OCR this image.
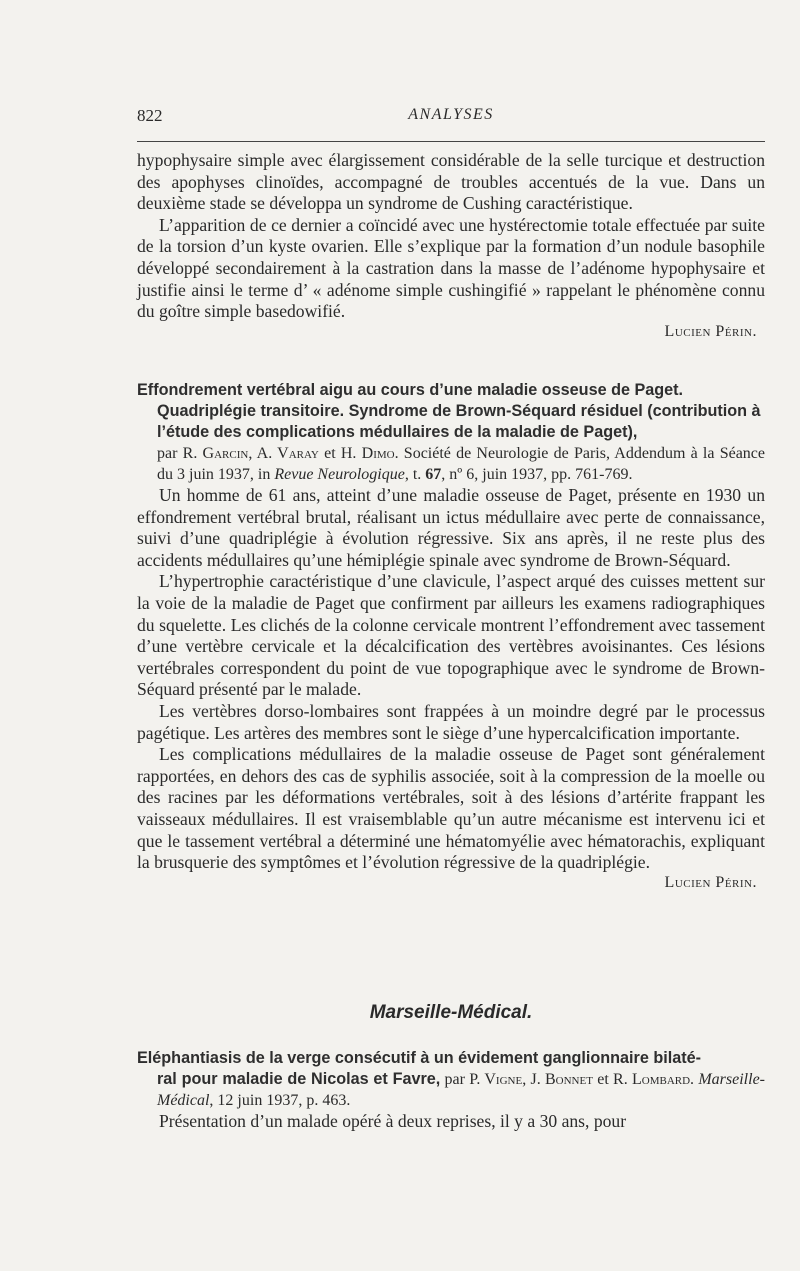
822	ANALYSES

hypophysaire simple avec élargissement considérable de la selle turcique et destruction des apophyses clinoïdes, accompagné de troubles accentués de la vue. Dans un deuxième stade se développa un syndrome de Cushing caractéristique.

L’apparition de ce dernier a coïncidé avec une hystérectomie totale effectuée par suite de la torsion d’un kyste ovarien. Elle s’explique par la formation d’un nodule basophile développé secondairement à la castration dans la masse de l’adénome hypophysaire et justifie ainsi le terme d’ « adénome simple cushingifié » rappelant le phénomène connu du goître simple basedowifié.

Lucien Périn.
Effondrement vertébral aigu au cours d’une maladie osseuse de Paget.
Quadriplégie transitoire. Syndrome de Brown-Séquard résiduel (contribution à l’étude des complications médullaires de la maladie de Paget),

par R. Garcin, A. Varay et H. Dimo. Société de Neurologie de Paris, Addendum à la Séance du 3 juin 1937, in Revue Neurologique, t. 67, nº 6, juin 1937, pp. 761-769.

Un homme de 61 ans, atteint d’une maladie osseuse de Paget, présente en 1930 un effondrement vertébral brutal, réalisant un ictus médullaire avec perte de connaissance, suivi d’une quadriplégie à évolution régressive. Six ans après, il ne reste plus des accidents médullaires qu’une hémiplégie spinale avec syndrome de Brown-Séquard.

L’hypertrophie caractéristique d’une clavicule, l’aspect arqué des cuisses mettent sur la voie de la maladie de Paget que confirment par ailleurs les examens radiographiques du squelette. Les clichés de la colonne cervicale montrent l’effondrement avec tassement d’une vertèbre cervicale et la décalcification des vertèbres avoisinantes. Ces lésions vertébrales correspondent du point de vue topographique avec le syndrome de Brown-Séquard présenté par le malade.

Les vertèbres dorso-lombaires sont frappées à un moindre degré par le processus pagétique. Les artères des membres sont le siège d’une hypercalcification importante.

Les complications médullaires de la maladie osseuse de Paget sont généralement rapportées, en dehors des cas de syphilis associée, soit à la compression de la moelle ou des racines par les déformations vertébrales, soit à des lésions d’artérite frappant les vaisseaux médullaires. Il est vraisemblable qu’un autre mécanisme est intervenu ici et que le tassement vertébral a déterminé une hématomyélie avec hématorachis, expliquant la brusquerie des symptômes et l’évolution régressive de la quadriplégie.

Lucien Périn.
Marseille-Médical.
Eléphantiasis de la verge consécutif à un évidement ganglionnaire bilaté-

ral pour maladie de Nicolas et Favre, par P. Vigne, J. Bonnet et R. Lombard. Marseille-Médical, 12 juin 1937, p. 463.

Présentation d’un malade opéré à deux reprises, il y a 30 ans, pour
